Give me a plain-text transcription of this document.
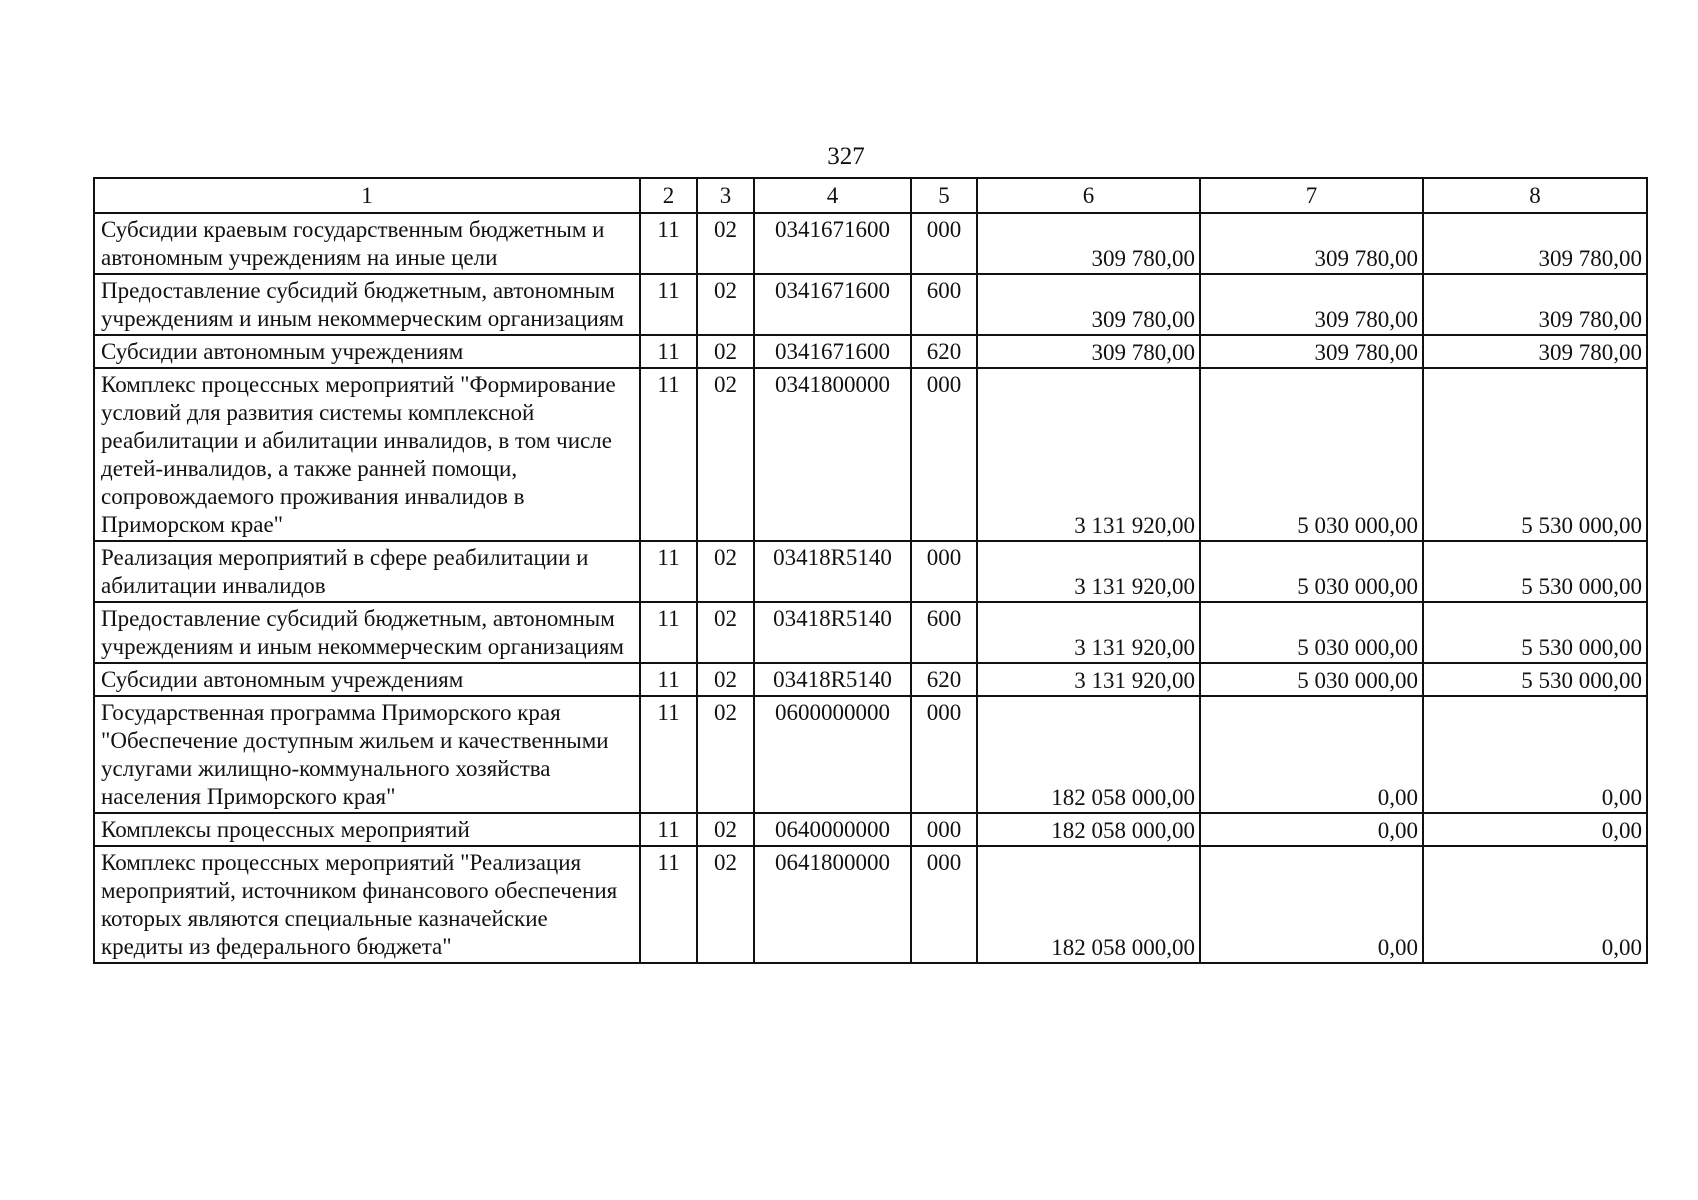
327
1	2	3	4	5	6	7	8
Субсидии краевым государственным бюджетным и автономным учреждениям на иные цели	11	02	0341671600	000	309 780,00	309 780,00	309 780,00
Предоставление субсидий бюджетным, автономным учреждениям и иным некоммерческим организациям	11	02	0341671600	600	309 780,00	309 780,00	309 780,00
Субсидии автономным учреждениям	11	02	0341671600	620	309 780,00	309 780,00	309 780,00
Комплекс процессных мероприятий "Формирование условий для развития системы комплексной реабилитации и абилитации инвалидов, в том числе детей-инвалидов, а также ранней помощи, сопровождаемого проживания инвалидов в Приморском крае"	11	02	0341800000	000	3 131 920,00	5 030 000,00	5 530 000,00
Реализация мероприятий в сфере реабилитации и абилитации инвалидов	11	02	03418R5140	000	3 131 920,00	5 030 000,00	5 530 000,00
Предоставление субсидий бюджетным, автономным учреждениям и иным некоммерческим организациям	11	02	03418R5140	600	3 131 920,00	5 030 000,00	5 530 000,00
Субсидии автономным учреждениям	11	02	03418R5140	620	3 131 920,00	5 030 000,00	5 530 000,00
Государственная программа Приморского края "Обеспечение доступным жильем и качественными услугами жилищно-коммунального хозяйства населения Приморского края"	11	02	0600000000	000	182 058 000,00	0,00	0,00
Комплексы процессных мероприятий	11	02	0640000000	000	182 058 000,00	0,00	0,00
Комплекс процессных мероприятий "Реализация мероприятий, источником финансового обеспечения которых являются специальные казначейские кредиты из федерального бюджета"	11	02	0641800000	000	182 058 000,00	0,00	0,00
